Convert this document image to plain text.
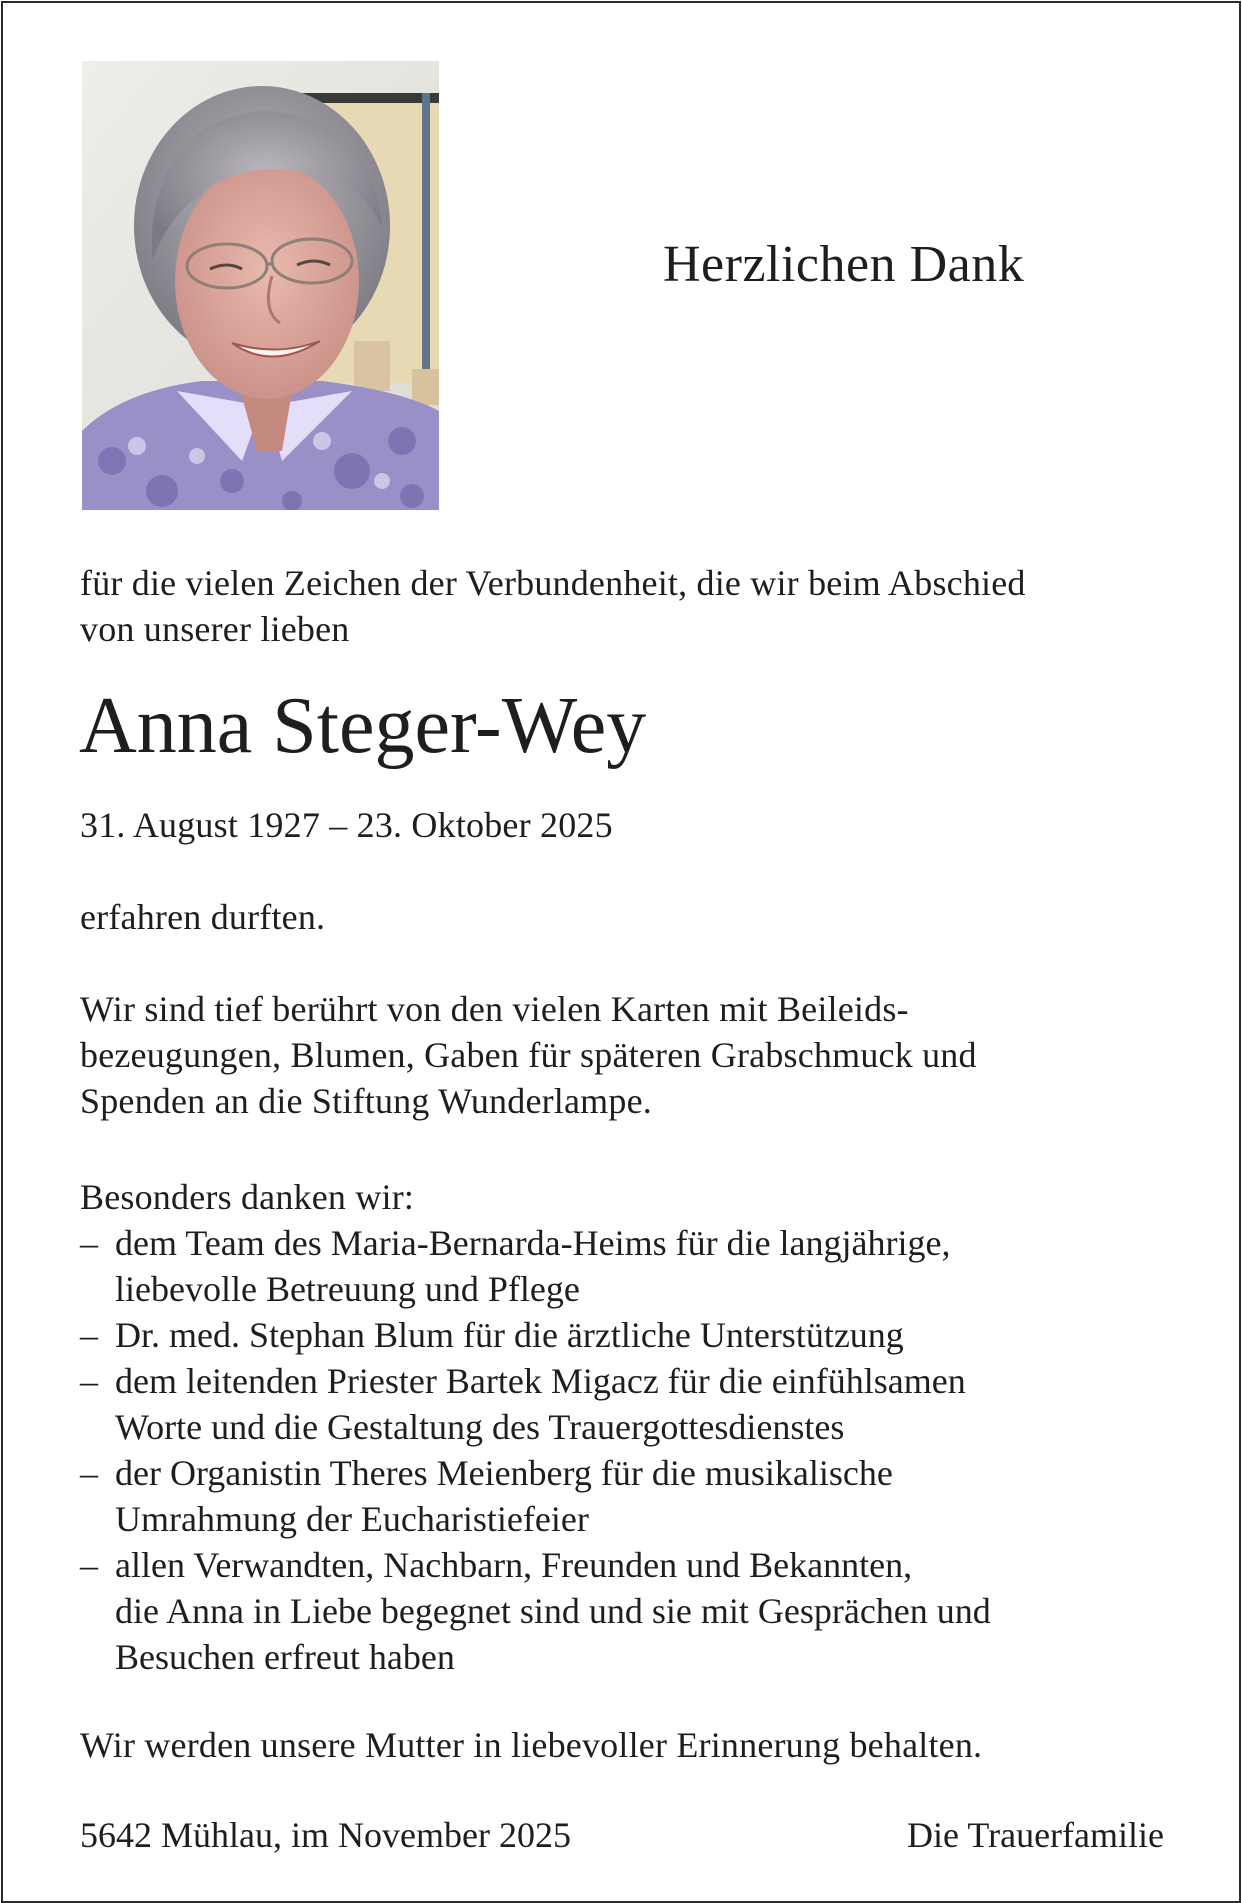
Herzlichen Dank
für die vielen Zeichen der Verbundenheit, die wir beim Abschied
von unserer lieben
Anna Steger-Wey
31. August 1927 – 23. Oktober 2025
erfahren durften.
Wir sind tief berührt von den vielen Karten mit Beileids-
bezeugungen, Blumen, Gaben für späteren Grabschmuck und
Spenden an die Stiftung Wunderlampe.
Besonders danken wir:
– dem Team des Maria-Bernarda-Heims für die langjährige,
liebevolle Betreuung und Pflege
– Dr. med. Stephan Blum für die ärztliche Unterstützung
– dem leitenden Priester Bartek Migacz für die einfühlsamen
Worte und die Gestaltung des Trauergottesdienstes
– der Organistin Theres Meienberg für die musikalische
Umrahmung der Eucharistiefeier
– allen Verwandten, Nachbarn, Freunden und Bekannten,
die Anna in Liebe begegnet sind und sie mit Gesprächen und
Besuchen erfreut haben
Wir werden unsere Mutter in liebevoller Erinnerung behalten.
5642 Mühlau, im November 2025	Die Trauerfamilie
